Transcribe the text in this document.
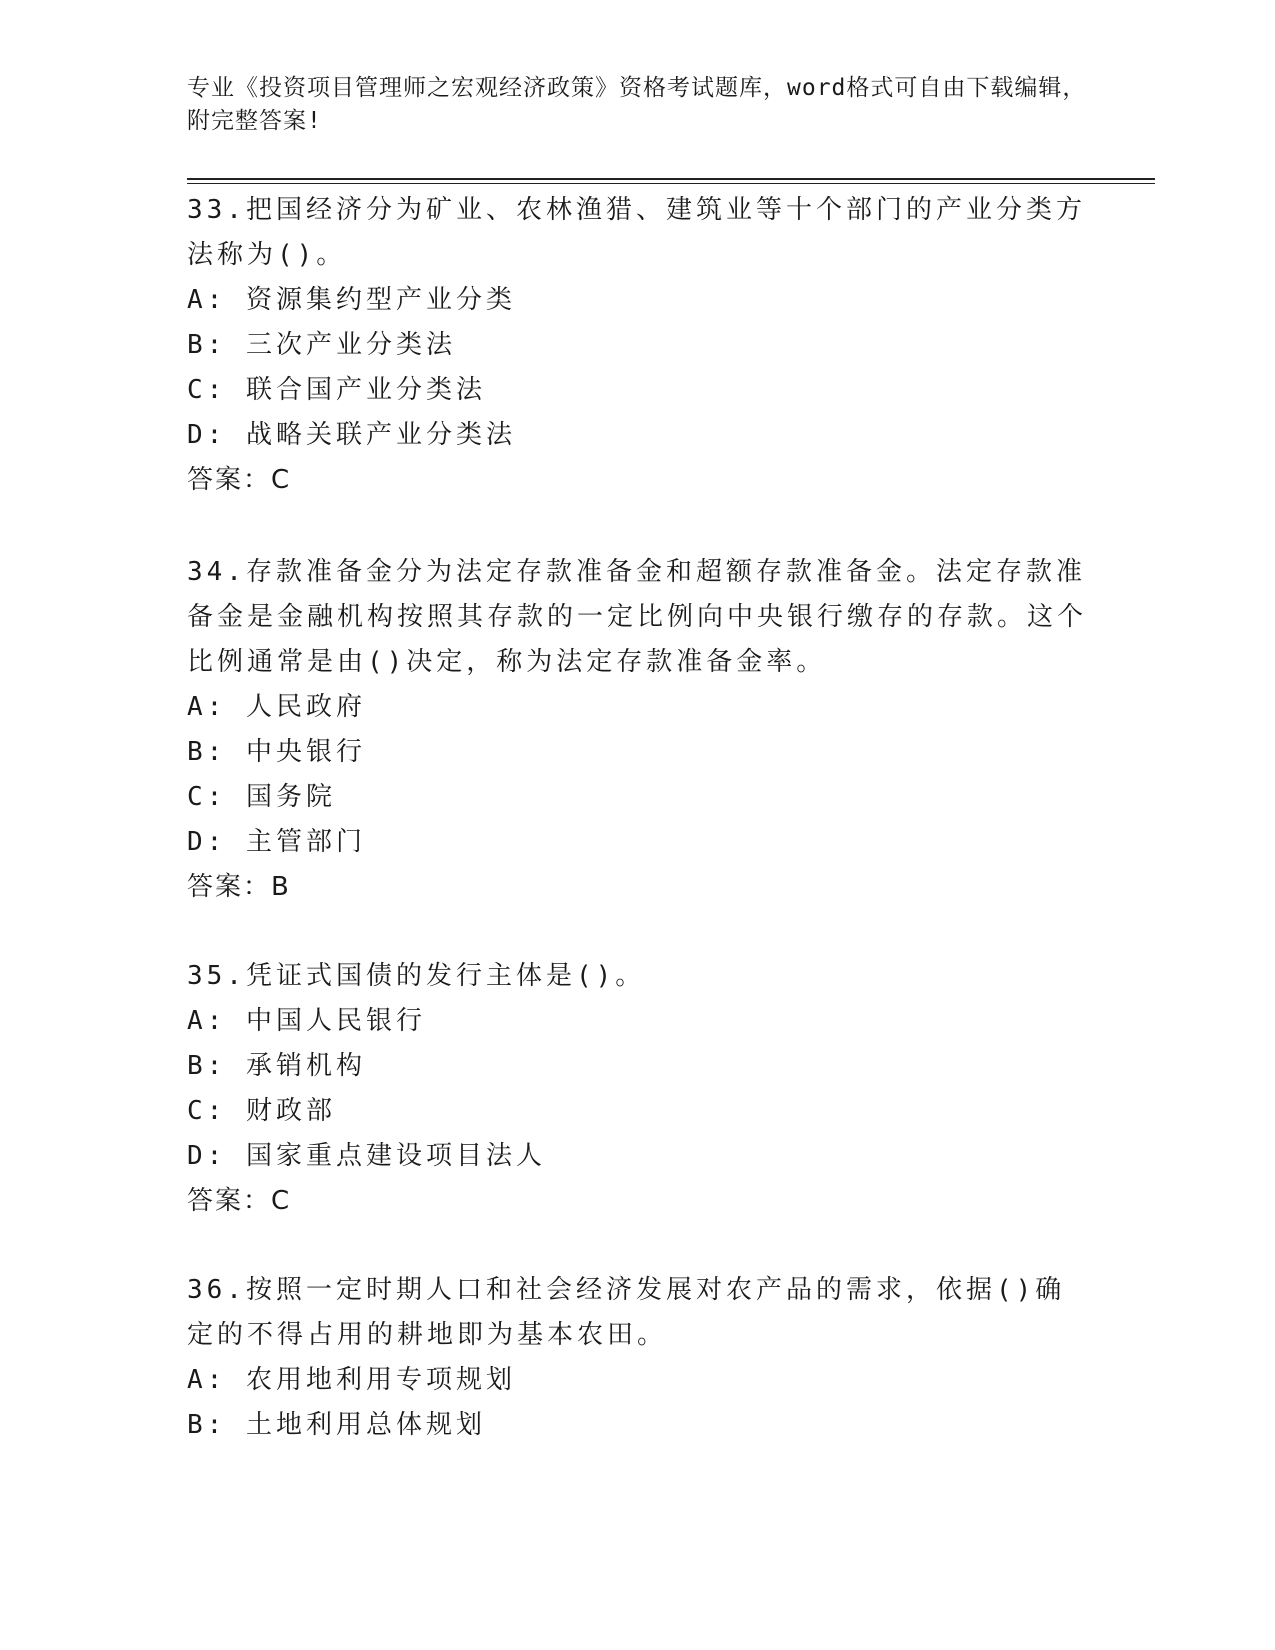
专业《投资项目管理师之宏观经济政策》资格考试题库，word格式可自由下载编辑，附完整答案!

33.把国经济分为矿业、农林渔猎、建筑业等十个部门的产业分类方法称为()。

A: 资源集约型产业分类

B: 三次产业分类法

C: 联合国产业分类法

D: 战略关联产业分类法

答案：C

34.存款准备金分为法定存款准备金和超额存款准备金。法定存款准备金是金融机构按照其存款的一定比例向中央银行缴存的存款。这个比例通常是由()决定，称为法定存款准备金率。

A: 人民政府

B: 中央银行

C: 国务院

D: 主管部门

答案：B

35.凭证式国债的发行主体是()。

A: 中国人民银行

B: 承销机构

C: 财政部

D: 国家重点建设项目法人

答案：C

36.按照一定时期人口和社会经济发展对农产品的需求，依据()确定的不得占用的耕地即为基本农田。

A: 农用地利用专项规划

B: 土地利用总体规划
